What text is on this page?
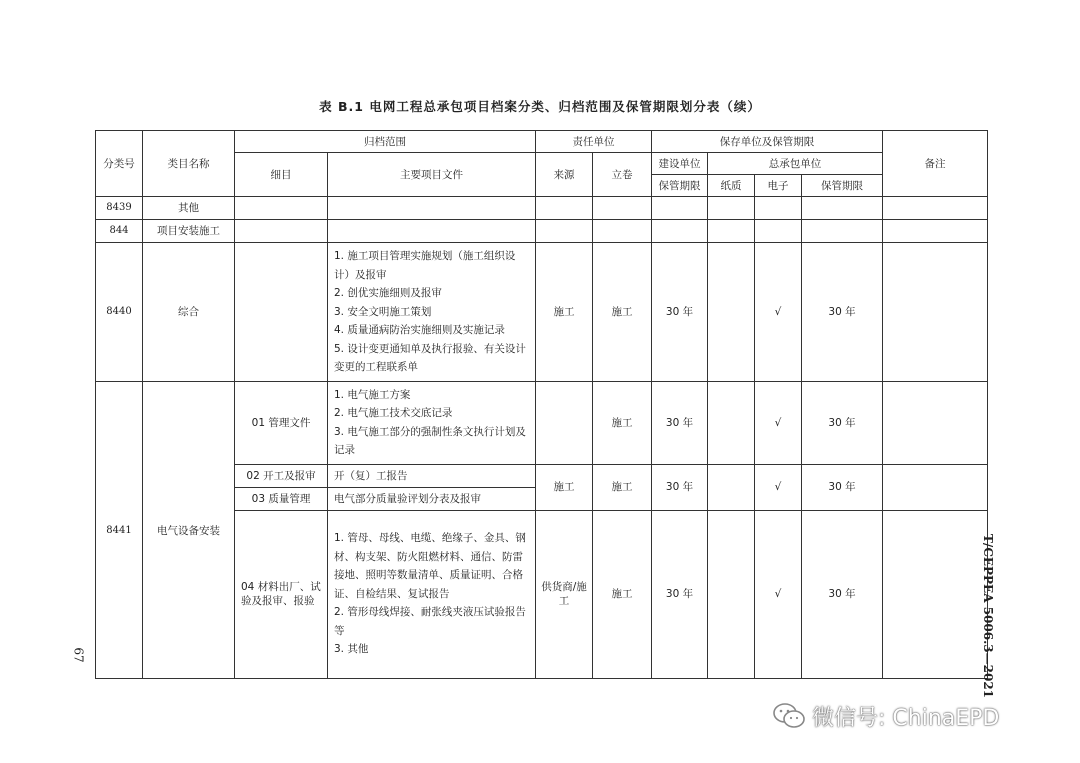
表 B.1 电网工程总承包项目档案分类、归档范围及保管期限划分表（续）
分类号	类目名称	归档范围		责任单位		保存单位及保管期限				备注
		细目	主要项目文件	来源	立卷	建设单位	总承包单位			
						保管期限	纸质	电子	保管期限	
8439	其他									
844	项目安装施工									
8440	综合		1. 施工项目管理实施规划（施工组织设计）及报审
2. 创优实施细则及报审
3. 安全文明施工策划
4. 质量通病防治实施细则及实施记录
5. 设计变更通知单及执行报验、有关设计变更的工程联系单	施工	施工	30 年		√	30 年	
8441	电气设备安装	01 管理文件	1. 电气施工方案
2. 电气施工技术交底记录
3. 电气施工部分的强制性条文执行计划及记录		施工	30 年		√	30 年	
		02 开工及报审	开（复）工报告	施工	施工	30 年		√	30 年	
		03 质量管理	电气部分质量验评划分表及报审							
		04 材料出厂、试验及报审、报验	1. 管母、母线、电缆、绝缘子、金具、钢材、构支架、防火阻燃材料、通信、防雷接地、照明等数量清单、质量证明、合格证、自检结果、复试报告
2. 管形母线焊接、耐张线夹液压试验报告等
3. 其他	供货商/施工	施工	30 年		√	30 年		T/CEPPEA 5006.3—2021
67
微信号: ChinaEPD
